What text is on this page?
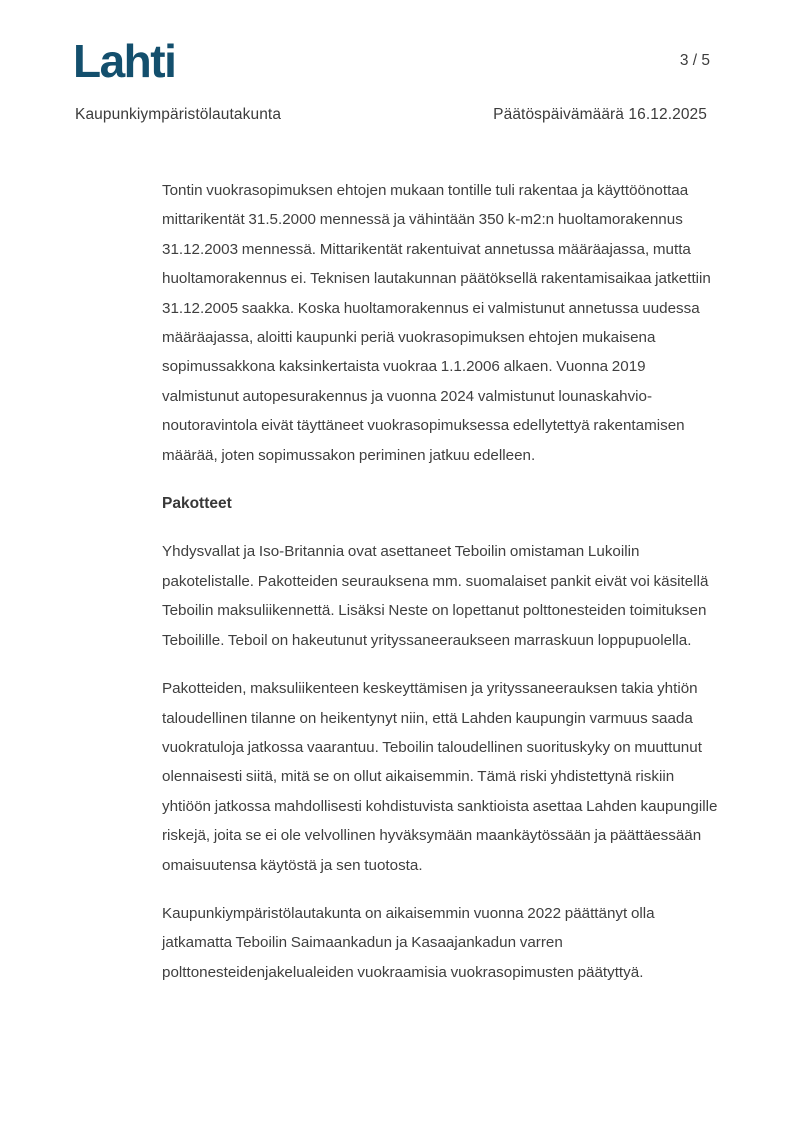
Lahti	3 / 5
Kaupunkiympäristölautakunta	Päätöspäivämäärä 16.12.2025

Tontin vuokrasopimuksen ehtojen mukaan tontille tuli rakentaa ja käyttöönottaa mittarikentät 31.5.2000 mennessä ja vähintään 350 k-m2:n huoltamorakennus 31.12.2003 mennessä. Mittarikentät rakentuivat annetussa määräajassa, mutta huoltamorakennus ei. Teknisen lautakunnan päätöksellä rakentamisaikaa jatkettiin 31.12.2005 saakka. Koska huoltamorakennus ei valmistunut annetussa uudessa määräajassa, aloitti kaupunki periä vuokrasopimuksen ehtojen mukaisena sopimussakkona kaksinkertaista vuokraa 1.1.2006 alkaen. Vuonna 2019 valmistunut autopesurakennus ja vuonna 2024 valmistunut lounaskahvio-noutoravintola eivät täyttäneet vuokrasopimuksessa edellytettyä rakentamisen määrää, joten sopimussakon periminen jatkuu edelleen.

Pakotteet

Yhdysvallat ja Iso-Britannia ovat asettaneet Teboilin omistaman Lukoilin pakotelistalle. Pakotteiden seurauksena mm. suomalaiset pankit eivät voi käsitellä Teboilin maksuliikennettä. Lisäksi Neste on lopettanut polttonesteiden toimituksen Teboilille. Teboil on hakeutunut yrityssaneeraukseen marraskuun loppupuolella.

Pakotteiden, maksuliikenteen keskeyttämisen ja yrityssaneerauksen takia yhtiön taloudellinen tilanne on heikentynyt niin, että Lahden kaupungin varmuus saada vuokratuloja jatkossa vaarantuu. Teboilin taloudellinen suorituskyky on muuttunut olennaisesti siitä, mitä se on ollut aikaisemmin. Tämä riski yhdistettynä riskiin yhtiöön jatkossa mahdollisesti kohdistuvista sanktioista asettaa Lahden kaupungille riskejä, joita se ei ole velvollinen hyväksymään maankäytössään ja päättäessään omaisuutensa käytöstä ja sen tuotosta.

Kaupunkiympäristölautakunta on aikaisemmin vuonna 2022 päättänyt olla jatkamatta Teboilin Saimaankadun ja Kasaajankadun varren polttonesteidenjakelualeiden vuokraamisia vuokrasopimusten päätyttyä.
